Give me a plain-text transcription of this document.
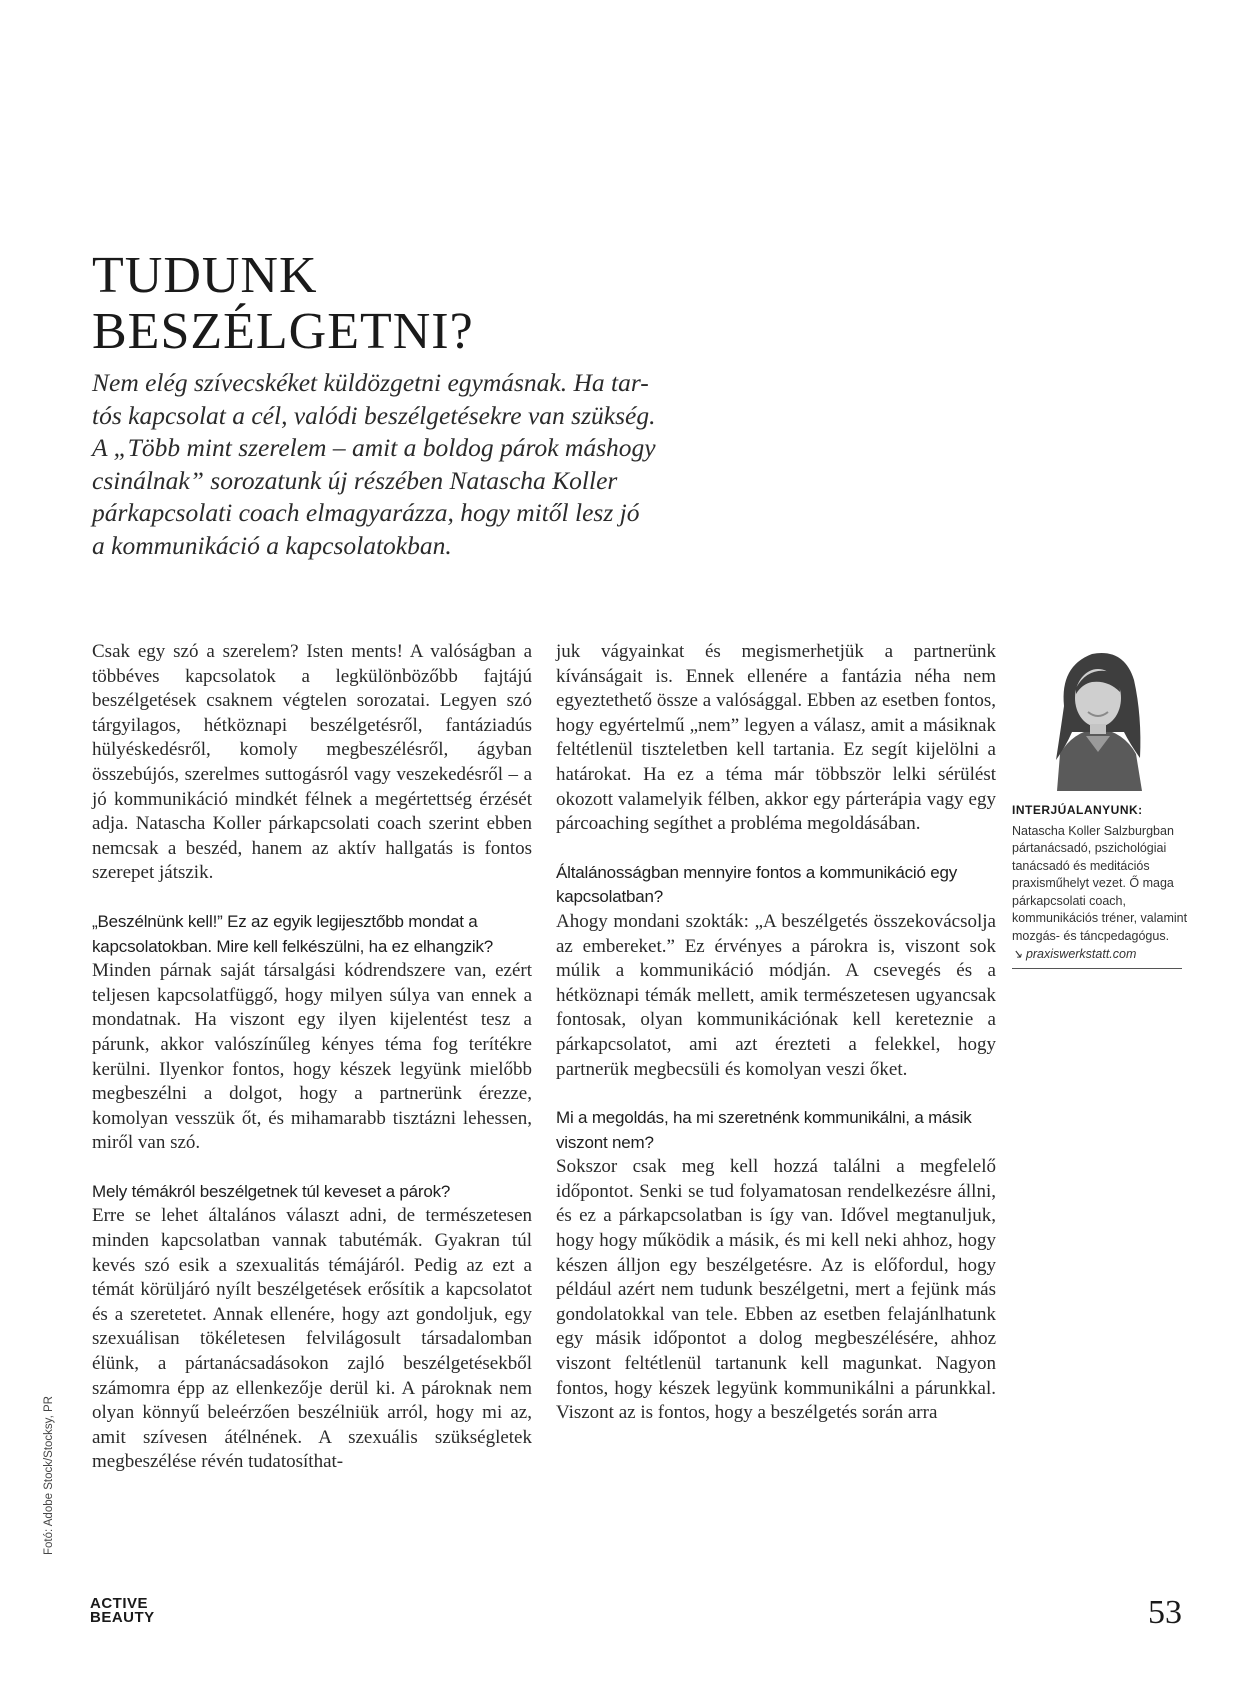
TUDUNK
BESZÉLGETNI?
Nem elég szívecskéket küldözgetni egymásnak. Ha tar-
tós kapcsolat a cél, valódi beszélgetésekre van szükség.
A „Több mint szerelem – amit a boldog párok máshogy
csinálnak” sorozatunk új részében Natascha Koller
párkapcsolati coach elmagyarázza, hogy mitől lesz jó
a kommunikáció a kapcsolatokban.

Csak egy szó a szerelem? Isten ments! A valóságban a többéves kapcsolatok a legkülönbözőbb fajtájú beszélgetések csaknem végtelen sorozatai. Legyen szó tárgyilagos, hétköznapi beszélgetésről, fantáziadús hülyéskedésről, komoly megbeszélésről, ágyban összebújós, szerelmes suttogásról vagy veszekedésről – a jó kommunikáció mindkét félnek a megértettség érzését adja. Natascha Koller párkapcsolati coach szerint ebben nemcsak a beszéd, hanem az aktív hallgatás is fontos szerepet játszik.

„Beszélnünk kell!” Ez az egyik legijesztőbb mondat a kapcsolatokban. Mire kell felkészülni, ha ez elhangzik?

Minden párnak saját társalgási kódrendszere van, ezért teljesen kapcsolatfüggő, hogy milyen súlya van ennek a mondatnak. Ha viszont egy ilyen kijelentést tesz a párunk, akkor valószínűleg kényes téma fog terítékre kerülni. Ilyenkor fontos, hogy készek legyünk mielőbb megbeszélni a dolgot, hogy a partnerünk érezze, komolyan vesszük őt, és mihamarabb tisztázni lehessen, miről van szó.

Mely témákról beszélgetnek túl keveset a párok?

Erre se lehet általános választ adni, de természetesen minden kapcsolatban vannak tabutémák. Gyakran túl kevés szó esik a szexualitás témájáról. Pedig az ezt a témát körüljáró nyílt beszélgetések erősítik a kapcsolatot és a szeretetet. Annak ellenére, hogy azt gondoljuk, egy szexuálisan tökéletesen felvilágosult társadalomban élünk, a pártanácsadásokon zajló beszélgetésekből számomra épp az ellenkezője derül ki. A pároknak nem olyan könnyű beleérzően beszélniük arról, hogy mi az, amit szívesen átélnének. A szexuális szükségletek megbeszélése révén tudatosíthat-

juk vágyainkat és megismerhetjük a partnerünk kívánságait is. Ennek ellenére a fantázia néha nem egyeztethető össze a valósággal. Ebben az esetben fontos, hogy egyértelmű „nem” legyen a válasz, amit a másiknak feltétlenül tiszteletben kell tartania. Ez segít kijelölni a határokat. Ha ez a téma már többször lelki sérülést okozott valamelyik félben, akkor egy párterápia vagy egy párcoaching segíthet a probléma megoldásában.

Általánosságban mennyire fontos a kommunikáció egy kapcsolatban?

Ahogy mondani szokták: „A beszélgetés összekovácsolja az embereket.” Ez érvényes a párokra is, viszont sok múlik a kommunikáció módján. A csevegés és a hétköznapi témák mellett, amik természetesen ugyancsak fontosak, olyan kommunikációnak kell kereteznie a párkapcsolatot, ami azt érezteti a felekkel, hogy partnerük megbecsüli és komolyan veszi őket.

Mi a megoldás, ha mi szeretnénk kommunikálni, a másik viszont nem?

Sokszor csak meg kell hozzá találni a megfelelő időpontot. Senki se tud folyamatosan rendelkezésre állni, és ez a párkapcsolatban is így van. Idővel megtanuljuk, hogy hogy működik a másik, és mi kell neki ahhoz, hogy készen álljon egy beszélgetésre. Az is előfordul, hogy például azért nem tudunk beszélgetni, mert a fejünk más gondolatokkal van tele. Ebben az esetben felajánlhatunk egy másik időpontot a dolog megbeszélésére, ahhoz viszont feltétlenül tartanunk kell magunkat. Nagyon fontos, hogy készek legyünk kommunikálni a párunkkal. Viszont az is fontos, hogy a beszélgetés során arra

INTERJÚALANYUNK:

Natascha Koller Salzburgban pártanácsadó, pszichológiai tanácsadó és meditációs praxisműhelyt vezet. Ő maga párkapcsolati coach, kommunikációs tréner, valamint mozgás- és táncpedagógus.

↘ praxiswerkstatt.com
Fotó: Adobe Stock/Stocksy, PR
ACTIVE
BEAUTY	53
